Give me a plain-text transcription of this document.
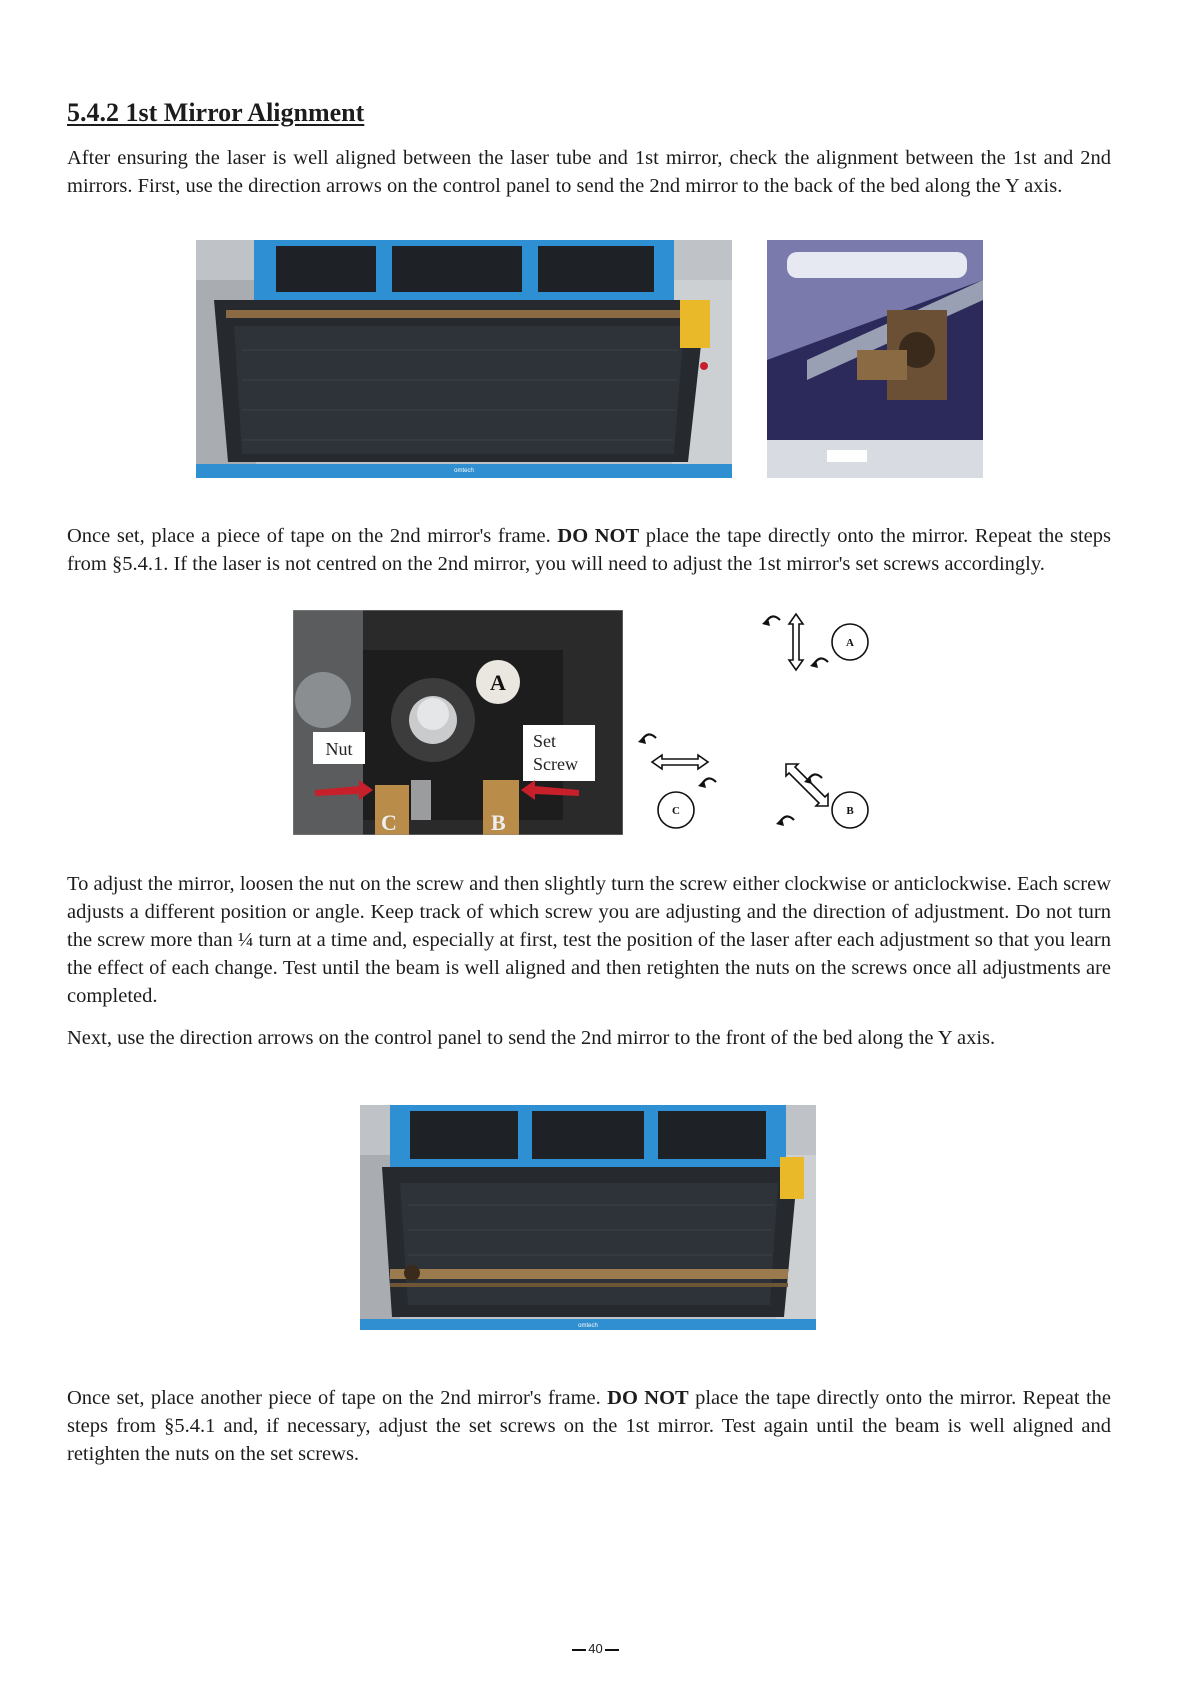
5.4.2 1st Mirror Alignment

After ensuring the laser is well aligned between the laser tube and 1st mirror, check the alignment between the 1st and 2nd mirrors. First, use the direction arrows on the control panel to send the 2nd mirror to the back of the bed along the Y axis.

omtech

Once set, place a piece of tape on the 2nd mirror's frame. DO NOT place the tape directly onto the mirror. Repeat the steps from §5.4.1. If the laser is not centred on the 2nd mirror, you will need to adjust the 1st mirror's set screws accordingly.

A
C	B
Nut	Set
Screw
A
C	B

To adjust the mirror, loosen the nut on the screw and then slightly turn the screw either clockwise or anticlockwise. Each screw adjusts a different position or angle. Keep track of which screw you are adjusting and the direction of adjustment. Do not turn the screw more than ¼ turn at a time and, especially at first, test the position of the laser after each adjustment so that you learn the effect of each change. Test until the beam is well aligned and then retighten the nuts on the screws once all adjustments are completed.

Next, use the direction arrows on the control panel to send the 2nd mirror to the front of the bed along the Y axis.

omtech

Once set, place another piece of tape on the 2nd mirror's frame. DO NOT place the tape directly onto the mirror. Repeat the steps from §5.4.1 and, if necessary, adjust the set screws on the 1st mirror. Test again until the beam is well aligned and retighten the nuts on the set screws.

40
